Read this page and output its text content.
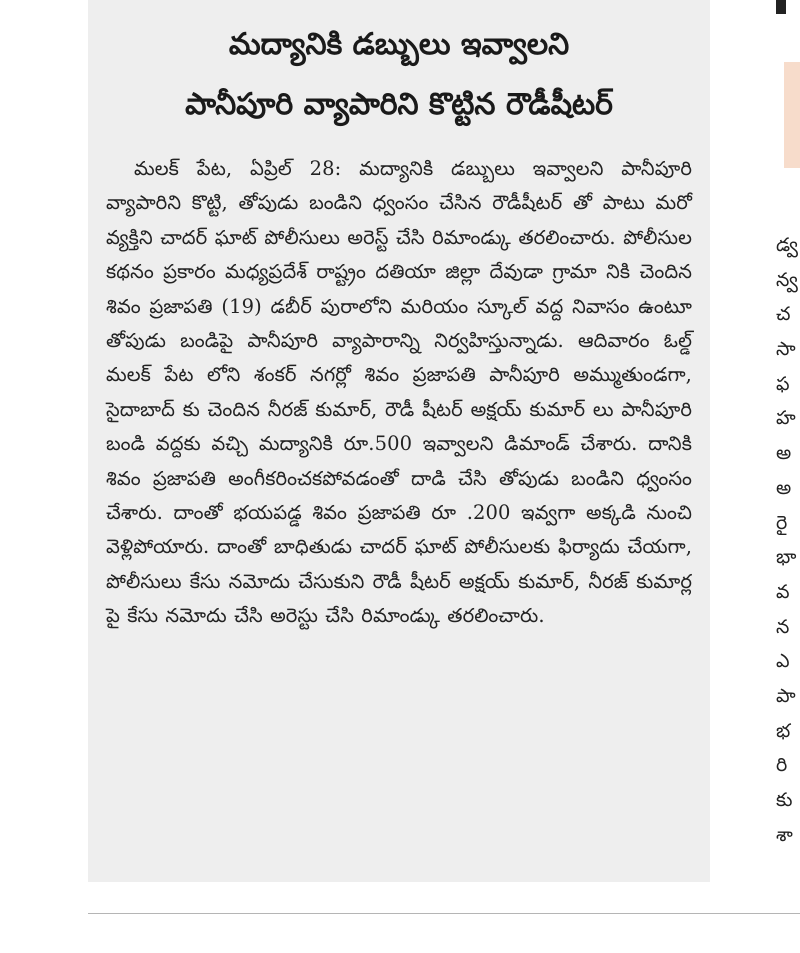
మద్యానికి డబ్బులు ఇవ్వాలని
పానీపూరి వ్యాపారిని కొట్టిన రౌడీషీటర్

మలక్ పేట, ఏప్రిల్ 28: మద్యానికి డబ్బులు ఇవ్వాలని పానీపూరి వ్యాపారిని కొట్టి, తోపుడు బండిని ధ్వంసం చేసిన రౌడీషీటర్ తో పాటు మరో వ్యక్తిని చాదర్ ఘాట్ పోలీసులు అరెస్ట్ చేసి రిమాండ్కు తరలించారు. పోలీసుల కథనం ప్రకారం మధ్యప్రదేశ్ రాష్ట్రం దతియా జిల్లా దేవుడా గ్రామా నికి చెందిన శివం ప్రజాపతి (19) డబీర్ పురాలోని మరియం స్కూల్ వద్ద నివాసం ఉంటూ తోపుడు బండిపై పానీపూరి వ్యాపారాన్ని నిర్వహిస్తున్నాడు. ఆదివారం ఓల్డ్ మలక్ పేట లోని శంకర్ నగర్లో శివం ప్రజాపతి పానీపూరి అమ్ముతుండగా, సైదాబాద్ కు చెందిన నీరజ్ కుమార్, రౌడీ షీటర్ అక్షయ్ కుమార్ లు పానీపూరి బండి వద్దకు వచ్చి మద్యానికి రూ.500 ఇవ్వాలని డిమాండ్ చేశారు. దానికి శివం ప్రజాపతి అంగీకరించకపోవడంతో దాడి చేసి తోపుడు బండిని ధ్వంసం చేశారు. దాంతో భయపడ్డ శివం ప్రజాపతి రూ .200 ఇవ్వగా అక్కడి నుంచి వెళ్లిపోయారు. దాంతో బాధితుడు చాదర్ ఘాట్ పోలీసులకు ఫిర్యాదు చేయగా, పోలీసులు కేసు నమోదు చేసుకుని రౌడీ షీటర్ అక్షయ్ కుమార్, నీరజ్ కుమార్ల పై కేసు నమోదు చేసి అరెస్టు చేసి రిమాండ్కు తరలించారు.

డ్వ
న్వ
చ
సా
ఫ
హ
అ
అ
రై
భా
వ
న
ఎ
పా
భ
రి
కు
శా
